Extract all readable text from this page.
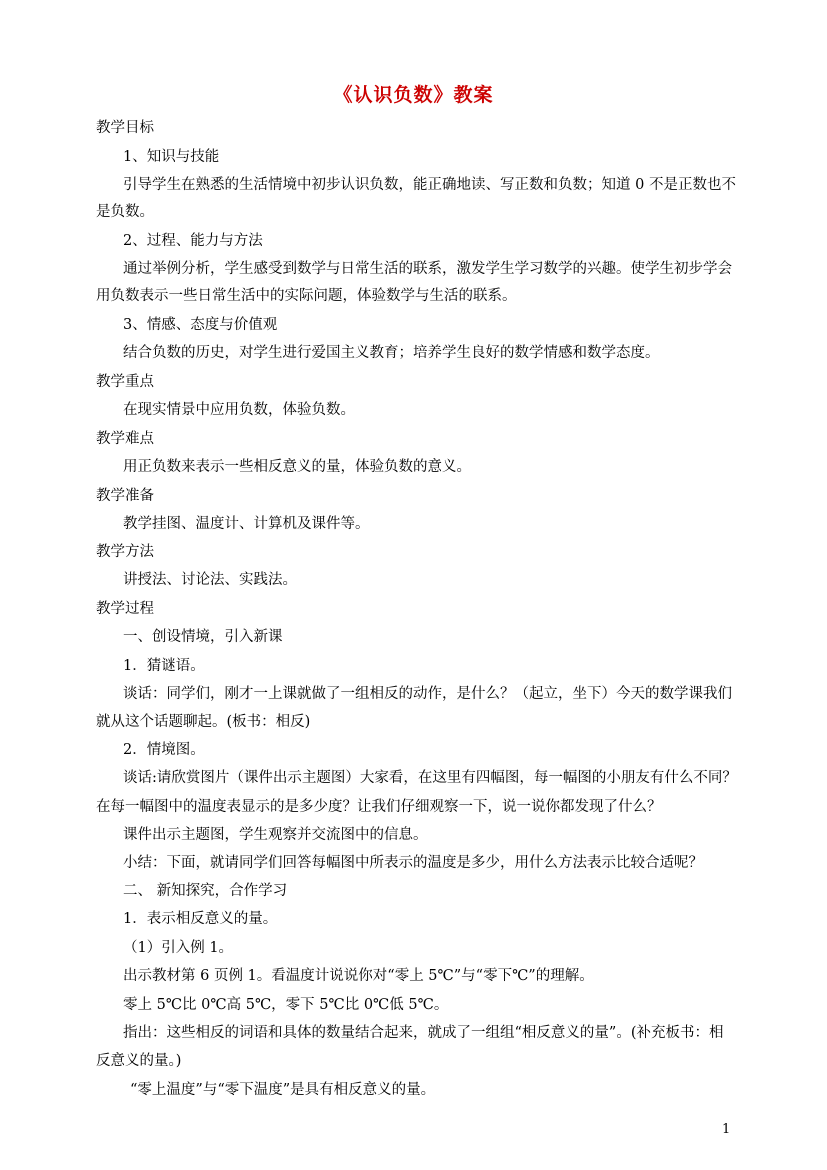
《认识负数》教案
教学目标
1、知识与技能
引导学生在熟悉的生活情境中初步认识负数，能正确地读、写正数和负数；知道 0 不是正数也不
是负数。
2、过程、能力与方法
通过举例分析，学生感受到数学与日常生活的联系，激发学生学习数学的兴趣。使学生初步学会
用负数表示一些日常生活中的实际问题，体验数学与生活的联系。
3、情感、态度与价值观
结合负数的历史，对学生进行爱国主义教育；培养学生良好的数学情感和数学态度。
教学重点
在现实情景中应用负数，体验负数。
教学难点
用正负数来表示一些相反意义的量，体验负数的意义。
教学准备
教学挂图、温度计、计算机及课件等。
教学方法
讲授法、讨论法、实践法。
教学过程
一、创设情境，引入新课
1．猜谜语。
谈话：同学们，刚才一上课就做了一组相反的动作，是什么？（起立，坐下）今天的数学课我们
就从这个话题聊起。(板书：相反)
2．情境图。
谈话:请欣赏图片（课件出示主题图）大家看，在这里有四幅图，每一幅图的小朋友有什么不同？
在每一幅图中的温度表显示的是多少度？让我们仔细观察一下，说一说你都发现了什么？
课件出示主题图，学生观察并交流图中的信息。
小结：下面，就请同学们回答每幅图中所表示的温度是多少，用什么方法表示比较合适呢？
二、 新知探究，合作学习
1．表示相反意义的量。
（1）引入例 1。
出示教材第 6 页例 1。看温度计说说你对“零上 5℃”与“零下℃”的理解。
零上 5℃比 0℃高 5℃，零下 5℃比 0℃低 5℃。
指出：这些相反的词语和具体的数量结合起来，就成了一组组“相反意义的量”。(补充板书：相
反意义的量。)
“零上温度”与“零下温度”是具有相反意义的量。
1
